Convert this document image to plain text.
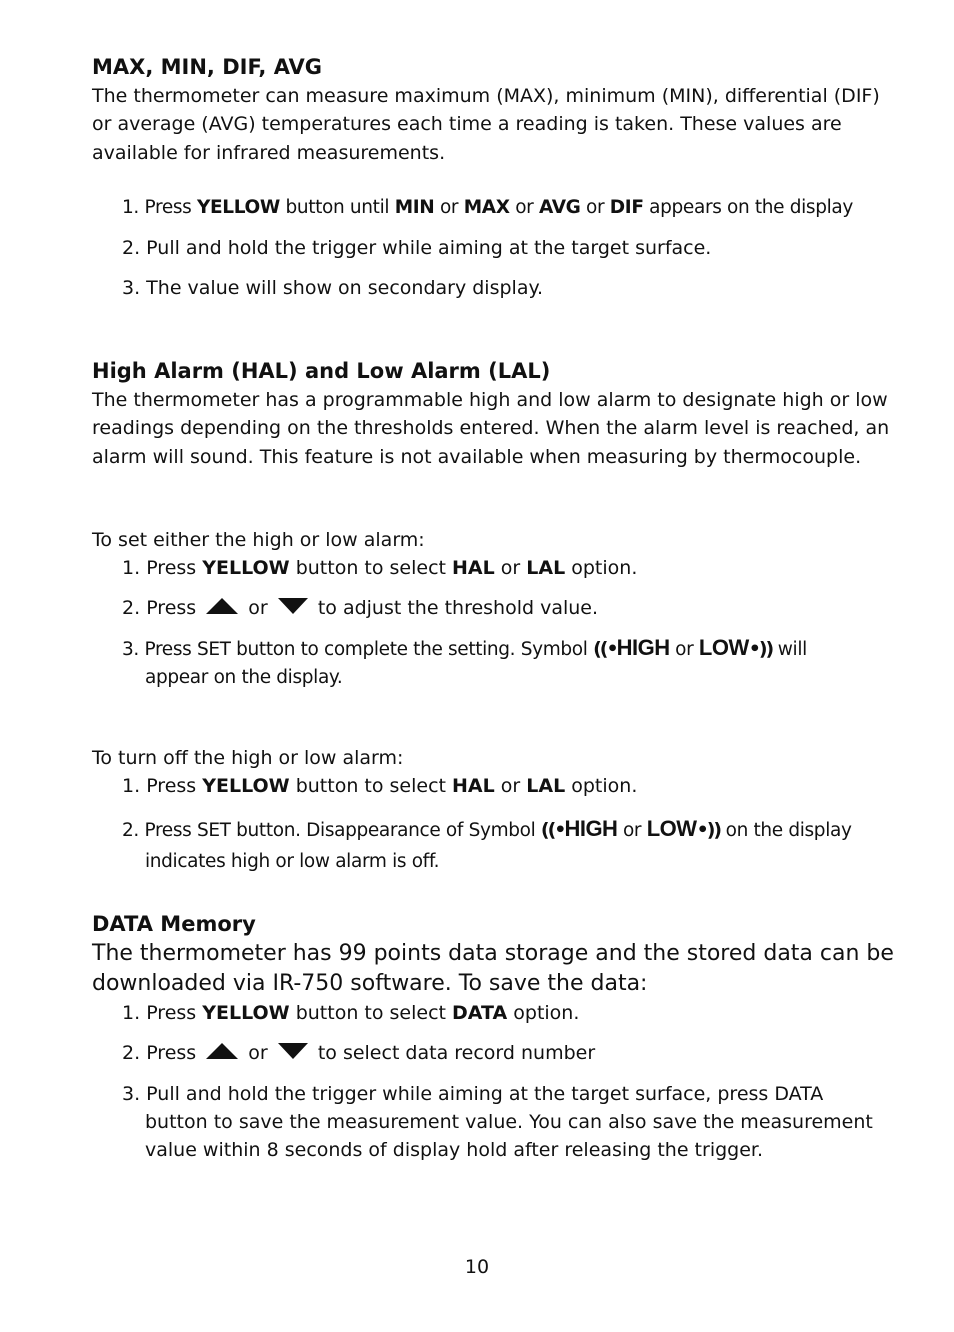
MAX, MIN, DIF, AVG
The thermometer can measure maximum (MAX), minimum (MIN), differential (DIF) or average (AVG) temperatures each time a reading is taken. These values are available for infrared measurements.
1. Press YELLOW button until MIN or MAX or AVG or DIF appears on the display
2. Pull and hold the trigger while aiming at the target surface.
3. The value will show on secondary display.
High Alarm (HAL) and Low Alarm (LAL)
The thermometer has a programmable high and low alarm to designate high or low readings depending on the thresholds entered. When the alarm level is reached, an alarm will sound. This feature is not available when measuring by thermocouple.
To set either the high or low alarm:
1. Press YELLOW button to select HAL or LAL option.
2. Press	or	to adjust the threshold value.
3. Press SET button to complete the setting. Symbol ((•HIGH or LOW•)) will
appear on the display.
To turn off the high or low alarm:
1. Press YELLOW button to select HAL or LAL option.
2. Press SET button. Disappearance of Symbol ((•HIGH or LOW•)) on the display
indicates high or low alarm is off.
DATA Memory
The thermometer has 99 points data storage and the stored data can be downloaded via IR-750 software. To save the data:
1. Press YELLOW button to select DATA option.
2. Press	or	to select data record number
3. Pull and hold the trigger while aiming at the target surface, press DATA
button to save the measurement value. You can also save the measurement
value within 8 seconds of display hold after releasing the trigger.
10
